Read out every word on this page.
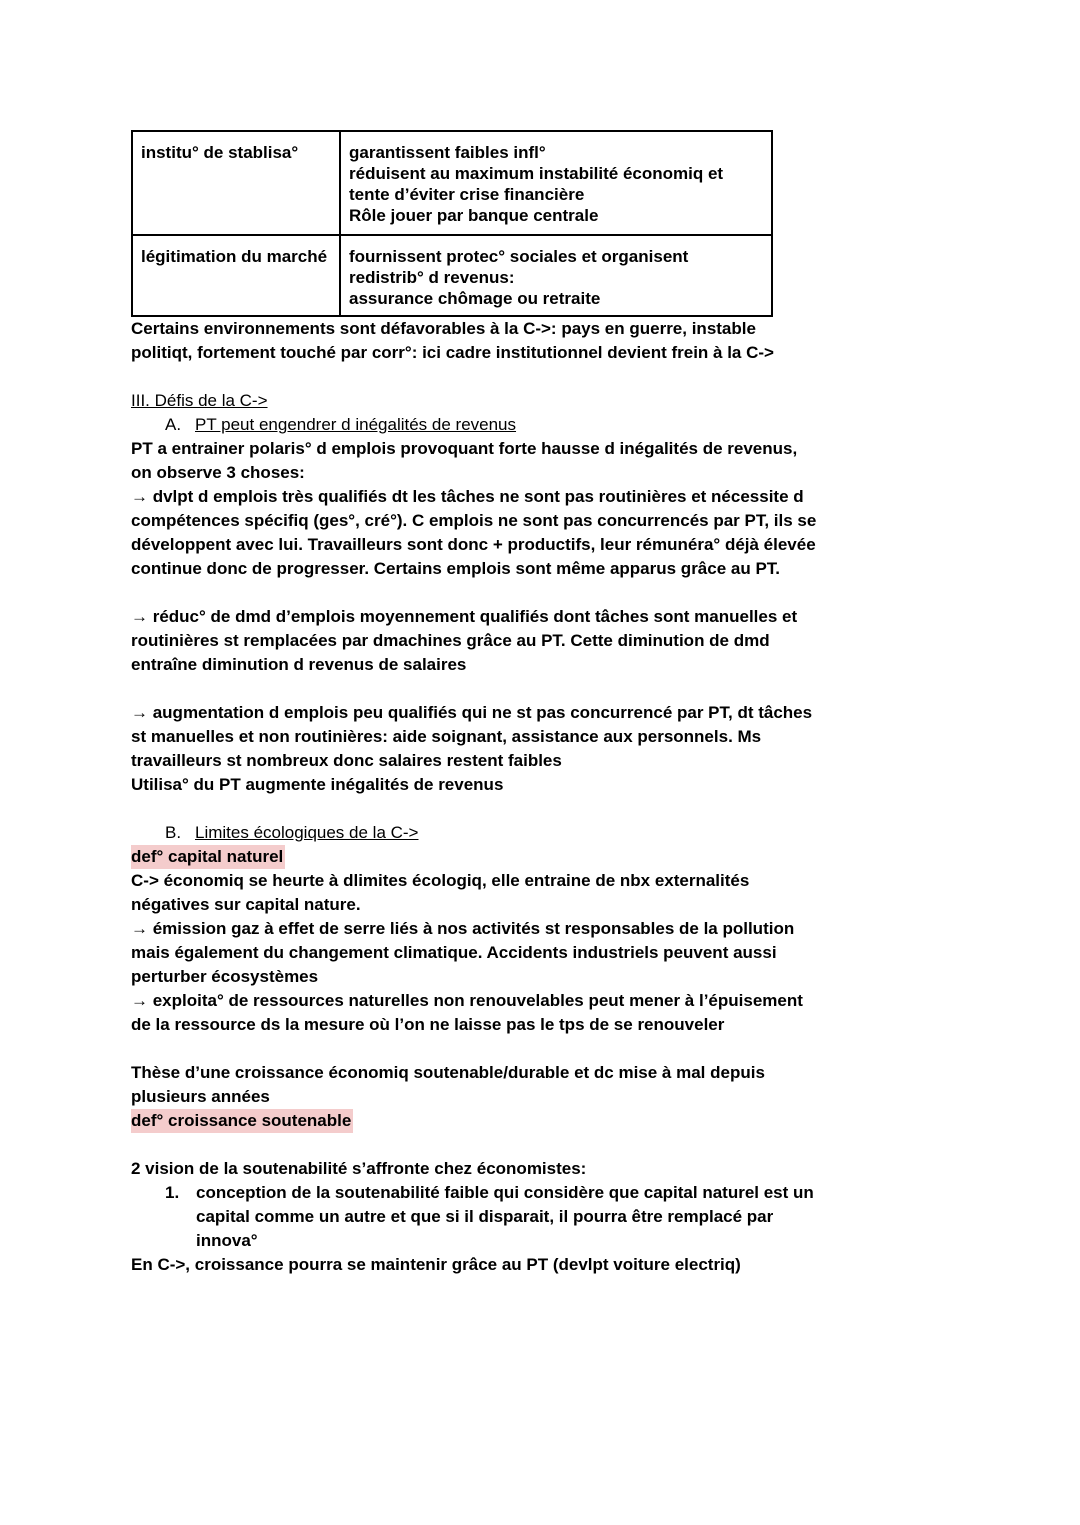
institu° de stablisa°	garantissent faibles infl°
réduisent au maximum instabilité économiq et tente d’éviter crise financière
Rôle jouer par banque centrale

légitimation du marché	fournissent protec° sociales et organisent redistrib° d revenus:
assurance chômage ou retraite

Certains environnements sont défavorables à la C->: pays en guerre, instable politiqt, fortement touché par corr°: ici cadre institutionnel devient frein à la C->

III. Défis de la C->
A. PT peut engendrer d inégalités de revenus

PT a entrainer polaris° d emplois provoquant forte hausse d inégalités de revenus, on observe 3 choses:

→ dvlpt d emplois très qualifiés dt les tâches ne sont pas routinières et nécessite d compétences spécifiq (ges°, cré°). C emplois ne sont pas concurrencés par PT, ils se développent avec lui. Travailleurs sont donc + productifs, leur rémunéra° déjà élevée continue donc de progresser. Certains emplois sont même apparus grâce au PT.

→ réduc° de dmd d’emplois moyennement qualifiés dont tâches sont manuelles et routinières st remplacées par dmachines grâce au PT. Cette diminution de dmd entraîne diminution d revenus de salaires

→ augmentation d emplois peu qualifiés qui ne st pas concurrencé par PT, dt tâches st manuelles et non routinières: aide soignant, assistance aux personnels. Ms travailleurs st nombreux donc salaires restent faibles

Utilisa° du PT augmente inégalités de revenus

B. Limites écologiques de la C->
def° capital naturel

C-> économiq se heurte à dlimites écologiq, elle entraine de nbx externalités négatives sur capital nature.

→ émission gaz à effet de serre liés à nos activités st responsables de la pollution mais également du changement climatique. Accidents industriels peuvent aussi perturber écosystèmes

→ exploita° de ressources naturelles non renouvelables peut mener à l’épuisement de la ressource ds la mesure où l’on ne laisse pas le tps de se renouveler

Thèse d’une croissance économiq soutenable/durable et dc mise à mal depuis plusieurs années

def° croissance soutenable

2 vision de la soutenabilité s’affronte chez économistes:

1. conception de la soutenabilité faible qui considère que capital naturel est un capital comme un autre et que si il disparait, il pourra être remplacé par innova°

En C->, croissance pourra se maintenir grâce au PT (devlpt voiture electriq)
